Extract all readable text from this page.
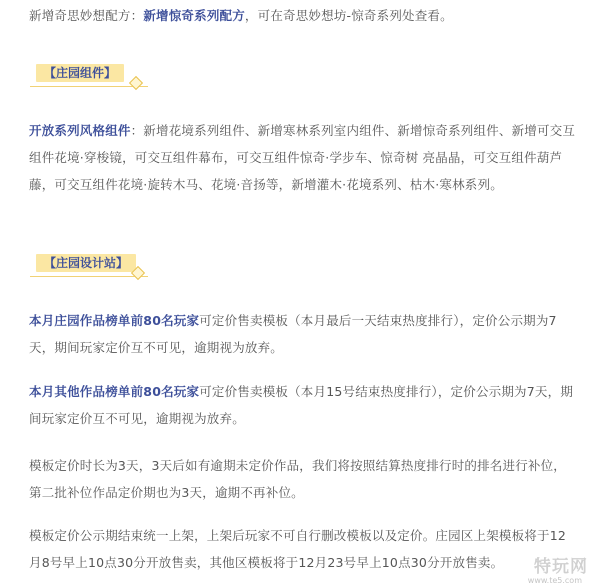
新增奇思妙想配方：新增惊奇系列配方，可在奇思妙想坊-惊奇系列处查看。

【庄园组件】

开放系列风格组件：新增花境系列组件、新增寒林系列室内组件、新增惊奇系列组件、新增可交互组件花境·穿梭镜，可交互组件幕布，可交互组件惊奇·学步车、惊奇树 亮晶晶，可交互组件葫芦藤，可交互组件花境·旋转木马、花境·音扬等，新增灌木·花境系列、枯木·寒林系列。

【庄园设计站】

本月庄园作品榜单前80名玩家可定价售卖模板（本月最后一天结束热度排行），定价公示期为7天，期间玩家定价互不可见，逾期视为放弃。

本月其他作品榜单前80名玩家可定价售卖模板（本月15号结束热度排行），定价公示期为7天，期间玩家定价互不可见，逾期视为放弃。

模板定价时长为3天，3天后如有逾期未定价作品，我们将按照结算热度排行时的排名进行补位，第二批补位作品定价期也为3天，逾期不再补位。

模板定价公示期结束统一上架，上架后玩家不可自行删改模板以及定价。庄园区上架模板将于12月8号早上10点30分开放售卖，其他区模板将于12月23号早上10点30分开放售卖。	特玩网
www.te5.com
